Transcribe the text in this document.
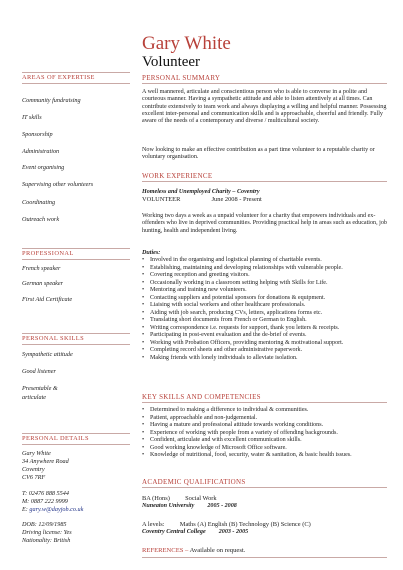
Gary White
Volunteer
AREAS OF EXPERTISE
Community fundraising
IT skills
Sponsorship
Administration
Event organising
Supervising other volunteers
Coordinating
Outreach work
PROFESSIONAL
French speaker
German speaker
First Aid Certificate
PERSONAL SKILLS
Sympathetic attitude
Good listener
Presentable &
articulate
PERSONAL DETAILS
Gary White
34 Anywhere Road
Coventry
CV6 7RF
T: 02476 888 5544
M: 0887 222 9999
E: gary.w@dayjob.co.uk
DOB: 12/09/1985
Driving license: Yes
Nationality: British
PERSONAL SUMMARY
A well mannered, articulate and conscientious person who is able to converse in a polite and courteous manner. Having a sympathetic attitude and able to listen attentively at all times. Can contribute extensively to team work and always displaying a willing and helpful manner. Possessing excellent inter-personal and communication skills and is approachable, cheerful and friendly. Fully aware of the needs of a contemporary and diverse / multicultural society.
Now looking to make an effective contribution as a part time volunteer to a reputable charity or voluntary organisation.
WORK EXPERIENCE
Homeless and Unemployed Charity – Coventry
VOLUNTEER	June 2008 - Present
Working two days a week as a unpaid volunteer for a charity that empowers individuals and ex-offenders who live in deprived communities. Providing practical help in areas such as education, job hunting, health and independent living.
Duties:
• Involved in the organising and logistical planning of charitable events.
• Establishing, maintaining and developing relationships with vulnerable people.
• Covering reception and greeting visitors.
• Occasionally working in a classroom setting helping with Skills for Life.
• Mentoring and training new volunteers.
• Contacting suppliers and potential sponsors for donations & equipment.
• Liaising with social workers and other healthcare professionals.
• Aiding with job search, producing CVs, letters, applications forms etc.
• Translating short documents from French or German to English.
• Writing correspondence i.e. requests for support, thank you letters & receipts.
• Participating in post-event evaluation and the de-brief of events.
• Working with Probation Officers, providing mentoring & motivational support.
• Completing record sheets and other administrative paperwork.
• Making friends with lonely individuals to alleviate isolation.
KEY SKILLS AND COMPETENCIES
• Determined to making a difference to individual & communities.
• Patient, approachable and non-judgemental.
• Having a mature and professional attitude towards working conditions.
• Experience of working with people from a variety of offending backgrounds.
• Confident, articulate and with excellent communication skills.
• Good working knowledge of Microsoft Office software.
• Knowledge of nutritional, food, security, water & sanitation, & basic health issues.
ACADEMIC QUALIFICATIONS
BA (Hons) Social Work
Nuneaton University 2005 - 2008
A levels: Maths (A) English (B) Technology (B) Science (C)
Coventry Central College 2003 - 2005
REFERENCES – Available on request.
